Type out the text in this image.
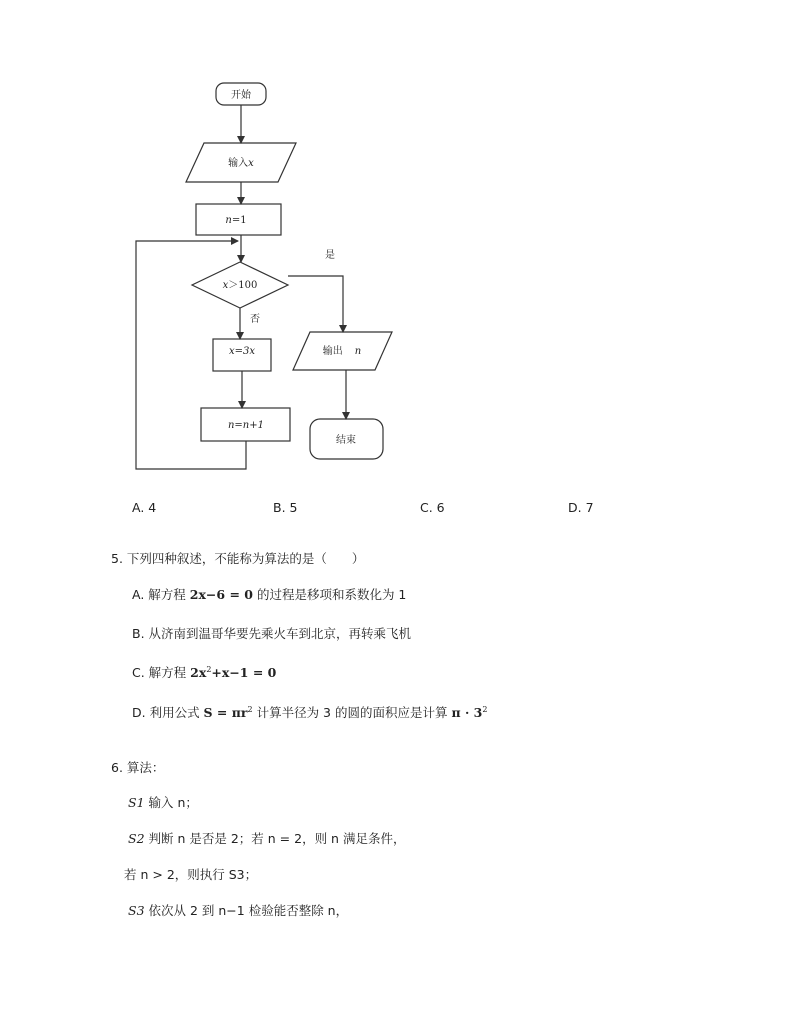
开始
输入x
n=1
x＞100
是
否
x=3x
n=n+1
输出 n
结束
A. 4	B. 5	C. 6	D. 7
5. 下列四种叙述，不能称为算法的是（　　）
A. 解方程 2x−6 = 0 的过程是移项和系数化为 1
B. 从济南到温哥华要先乘火车到北京，再转乘飞机
C. 解方程 $2x^2+x-1 = 0$
D. 利用公式 $S = \pi r^2$ 计算半径为 3 的圆的面积应是计算 $\pi \cdot 3^2$
6. 算法：
S1 输入 n；
S2 判断 n 是否是 2；若 n = 2，则 n 满足条件，
若 n > 2，则执行 S3；
S3 依次从 2 到 n−1 检验能否整除 n，
